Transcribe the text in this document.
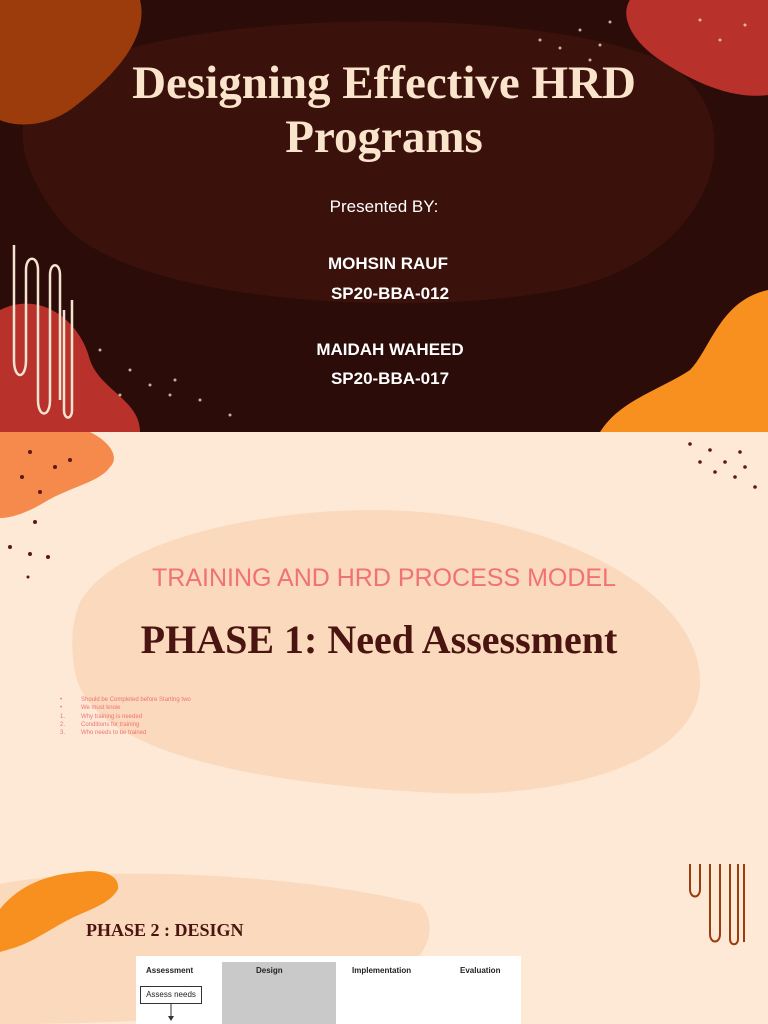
Designing Effective HRD
Programs
Presented BY:
MOHSIN RAUF
SP20-BBA-012
MAIDAH WAHEED
SP20-BBA-017
TRAINING AND HRD PROCESS MODEL
PHASE 1: Need Assessment
•	Should be Completed before Starting two
•	We must know
1.	Why training is needed
2.	Conditions for training
3.	Who needs to be trained
PHASE 2 : DESIGN
Assessment	Design	Implementation	Evaluation
Assess needs
